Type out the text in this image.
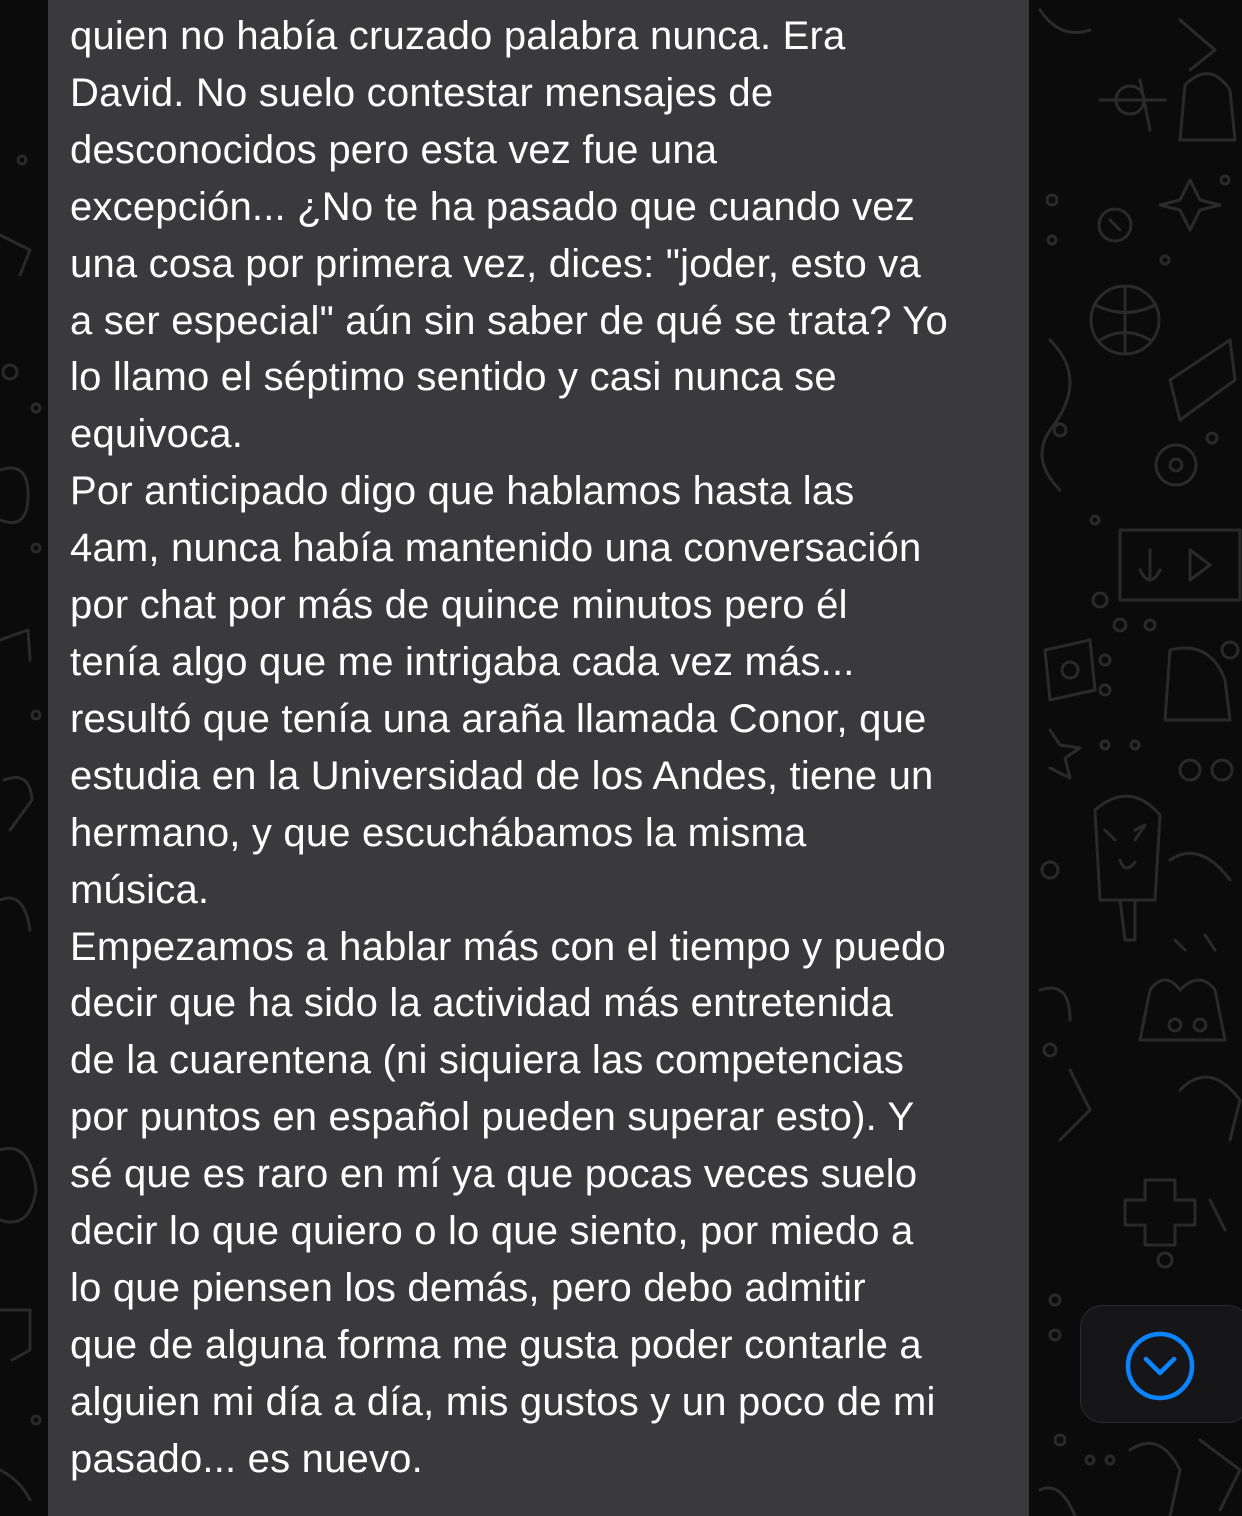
quien no había cruzado palabra nunca. Era
David. No suelo contestar mensajes de
desconocidos pero esta vez fue una
excepción... ¿No te ha pasado que cuando vez
una cosa por primera vez, dices: "joder, esto va
a ser especial" aún sin saber de qué se trata? Yo
lo llamo el séptimo sentido y casi nunca se
equivoca.
Por anticipado digo que hablamos hasta las
4am, nunca había mantenido una conversación
por chat por más de quince minutos pero él
tenía algo que me intrigaba cada vez más...
resultó que tenía una araña llamada Conor, que
estudia en la Universidad de los Andes, tiene un
hermano, y que escuchábamos la misma
música.
Empezamos a hablar más con el tiempo y puedo
decir que ha sido la actividad más entretenida
de la cuarentena (ni siquiera las competencias
por puntos en español pueden superar esto). Y
sé que es raro en mí ya que pocas veces suelo
decir lo que quiero o lo que siento, por miedo a
lo que piensen los demás, pero debo admitir
que de alguna forma me gusta poder contarle a
alguien mi día a día, mis gustos y un poco de mi
pasado... es nuevo.
